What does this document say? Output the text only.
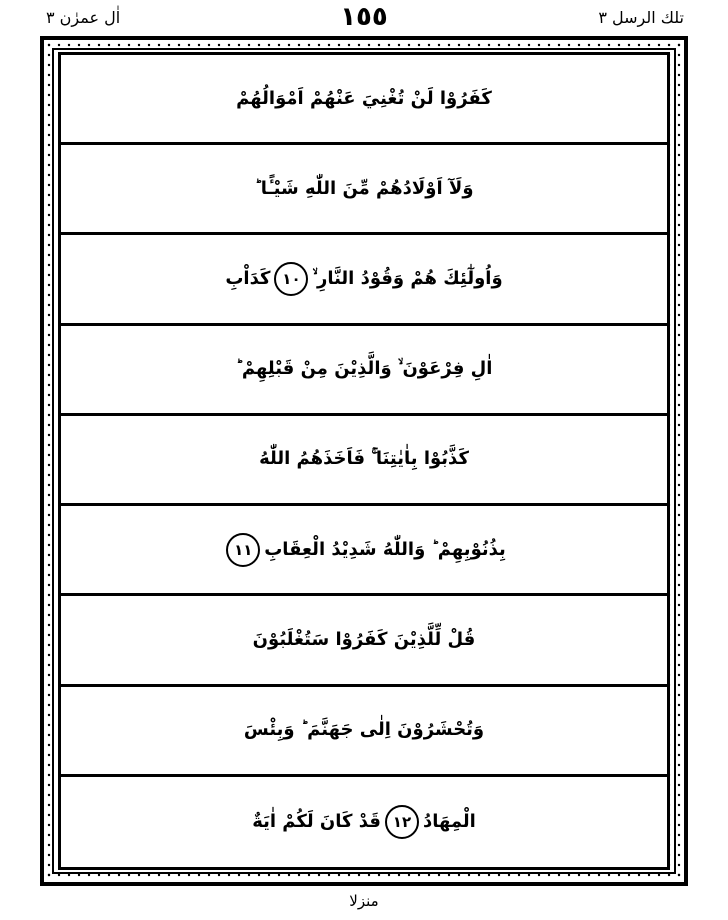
اٰل عمرٰن ٣	١٥٥	تلك الرسل ٣
كَفَرُوْا لَنْ تُغْنِيَ عَنْهُمْ اَمْوَالُهُمْ
وَلَآ اَوْلَادُهُمْ مِّنَ اللّٰهِ شَيْـًٔا ؕ
وَاُولٰٓئِكَ هُمْ وَقُوْدُ النَّارِ ۙ
١٠
كَدَاْبِ
اٰلِ فِرْعَوْنَ ۙ وَالَّذِيْنَ مِنْ قَبْلِهِمْ ؕ
كَذَّبُوْا بِاٰيٰتِنَا ۚ فَاَخَذَهُمُ اللّٰهُ
بِذُنُوْبِهِمْ ؕ وَاللّٰهُ شَدِيْدُ الْعِقَابِ
١١
قُلْ لِّلَّذِيْنَ كَفَرُوْا سَتُغْلَبُوْنَ
وَتُحْشَرُوْنَ اِلٰى جَهَنَّمَ ؕ وَبِئْسَ
الْمِهَادُ
١٢
قَدْ كَانَ لَكُمْ اٰيَةٌ
منزلا
